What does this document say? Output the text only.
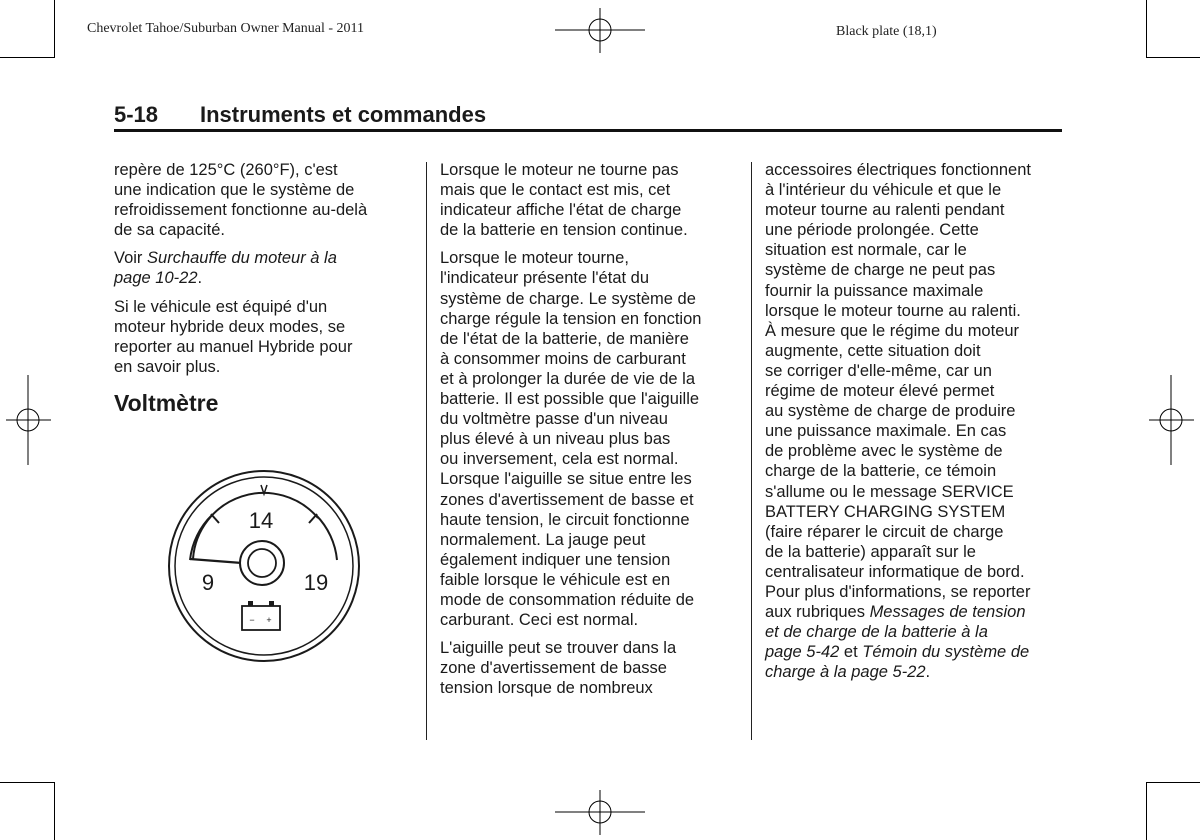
Chevrolet Tahoe/Suburban Owner Manual - 2011	Black plate (18,1)
5-18 Instruments et commandes

repère de 125°C (260°F), c'est
une indication que le système de
refroidissement fonctionne au-delà
de sa capacité.

Voir Surchauffe du moteur à la
page 10-22.

Si le véhicule est équipé d'un
moteur hybride deux modes, se
reporter au manuel Hybride pour
en savoir plus.

Voltmètre
14
9	19
− +

Lorsque le moteur ne tourne pas
mais que le contact est mis, cet
indicateur affiche l'état de charge
de la batterie en tension continue.

Lorsque le moteur tourne,
l'indicateur présente l'état du
système de charge. Le système de
charge régule la tension en fonction
de l'état de la batterie, de manière
à consommer moins de carburant
et à prolonger la durée de vie de la
batterie. Il est possible que l'aiguille
du voltmètre passe d'un niveau
plus élevé à un niveau plus bas
ou inversement, cela est normal.
Lorsque l'aiguille se situe entre les
zones d'avertissement de basse et
haute tension, le circuit fonctionne
normalement. La jauge peut
également indiquer une tension
faible lorsque le véhicule est en
mode de consommation réduite de
carburant. Ceci est normal.

L'aiguille peut se trouver dans la
zone d'avertissement de basse
tension lorsque de nombreux

accessoires électriques fonctionnent
à l'intérieur du véhicule et que le
moteur tourne au ralenti pendant
une période prolongée. Cette
situation est normale, car le
système de charge ne peut pas
fournir la puissance maximale
lorsque le moteur tourne au ralenti.
À mesure que le régime du moteur
augmente, cette situation doit
se corriger d'elle-même, car un
régime de moteur élevé permet
au système de charge de produire
une puissance maximale. En cas
de problème avec le système de
charge de la batterie, ce témoin
s'allume ou le message SERVICE
BATTERY CHARGING SYSTEM
(faire réparer le circuit de charge
de la batterie) apparaît sur le
centralisateur informatique de bord.
Pour plus d'informations, se reporter
aux rubriques Messages de tension
et de charge de la batterie à la
page 5-42 et Témoin du système de
charge à la page 5-22.
